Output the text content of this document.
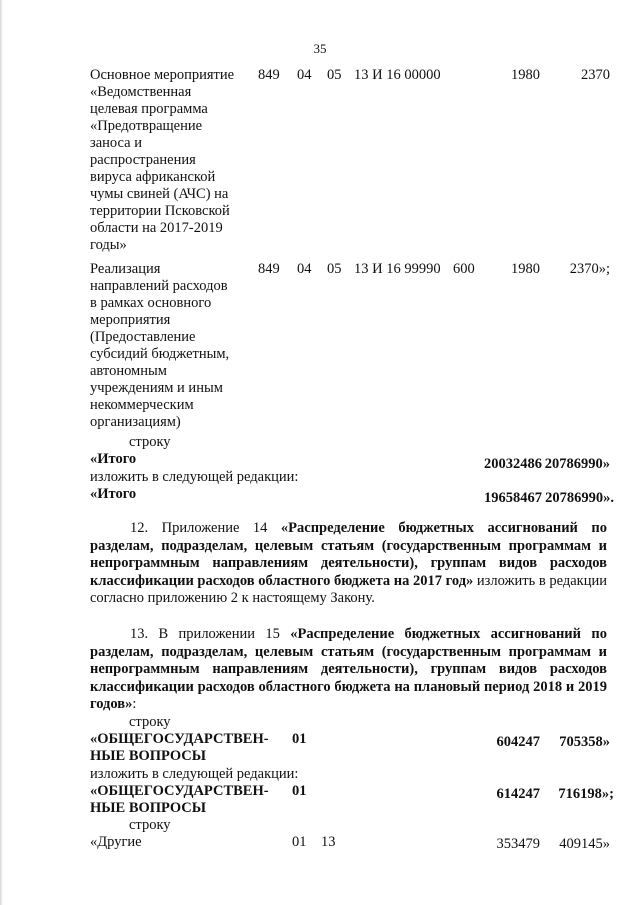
35
Основное мероприятие
«Ведомственная
целевая программа
«Предотвращение
заноса и
распространения
вируса африканской
чумы свиней (АЧС) на
территории Псковской
области на 2017-2019
годы»
849 04 05 13 И 16 00000	1980	2370
Реализация
направлений расходов
в рамках основного
мероприятия
(Предоставление
субсидий бюджетным,
автономным
учреждениям и иным
некоммерческим
организациям)
849 04 05 13 И 16 99990 600	1980	2370»;
строку
«Итого	20032486 20786990»
изложить в следующей редакции:
«Итого	19658467 20786990».
12. Приложение 14 «Распределение бюджетных ассигнований по разделам, подразделам, целевым статьям (государственным программам и непрограммным направлениям деятельности), группам видов расходов классификации расходов областного бюджета на 2017 год» изложить в редакции согласно приложению 2 к настоящему Закону.
13. В приложении 15 «Распределение бюджетных ассигнований по разделам, подразделам, целевым статьям (государственным программам и непрограммным направлениям деятельности), группам видов расходов классификации расходов областного бюджета на плановый период 2018 и 2019 годов»:
строку
«ОБЩЕГОСУДАРСТВЕН-
НЫЕ ВОПРОСЫ
01	604247	705358»
изложить в следующей редакции:
«ОБЩЕГОСУДАРСТВЕН-
НЫЕ ВОПРОСЫ
01	614247	716198»;
строку
«Другие	01 13	353479	409145»
